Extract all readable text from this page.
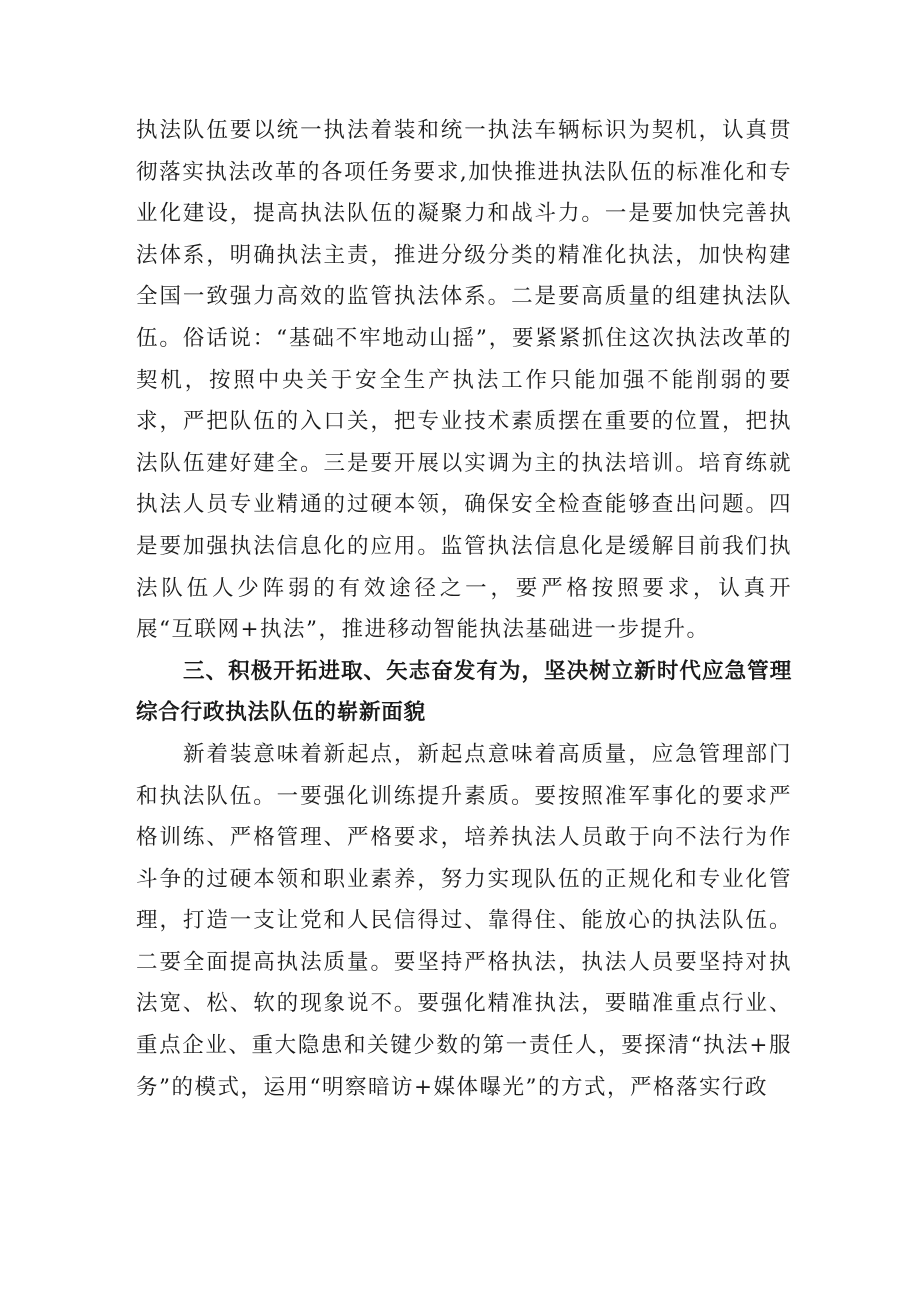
执法队伍要以统一执法着装和统一执法车辆标识为契机，认真贯彻落实执法改革的各项任务要求,加快推进执法队伍的标准化和专业化建设，提高执法队伍的凝聚力和战斗力。一是要加快完善执法体系，明确执法主责，推进分级分类的精准化执法，加快构建全国一致强力高效的监管执法体系。二是要高质量的组建执法队伍。俗话说：“基础不牢地动山摇”，要紧紧抓住这次执法改革的契机，按照中央关于安全生产执法工作只能加强不能削弱的要求，严把队伍的入口关，把专业技术素质摆在重要的位置，把执法队伍建好建全。三是要开展以实调为主的执法培训。培育练就执法人员专业精通的过硬本领，确保安全检查能够查出问题。四是要加强执法信息化的应用。监管执法信息化是缓解目前我们执法队伍人少阵弱的有效途径之一，要严格按照要求，认真开展“互联网+执法”，推进移动智能执法基础进一步提升。

三、积极开拓进取、矢志奋发有为，坚决树立新时代应急管理综合行政执法队伍的崭新面貌

新着装意味着新起点，新起点意味着高质量，应急管理部门和执法队伍。一要强化训练提升素质。要按照准军事化的要求严格训练、严格管理、严格要求，培养执法人员敢于向不法行为作斗争的过硬本领和职业素养，努力实现队伍的正规化和专业化管理，打造一支让党和人民信得过、靠得住、能放心的执法队伍。二要全面提高执法质量。要坚持严格执法，执法人员要坚持对执法宽、松、软的现象说不。要强化精准执法，要瞄准重点行业、重点企业、重大隐患和关键少数的第一责任人，要探清“执法+服务”的模式，运用“明察暗访+媒体曝光”的方式，严格落实行政
